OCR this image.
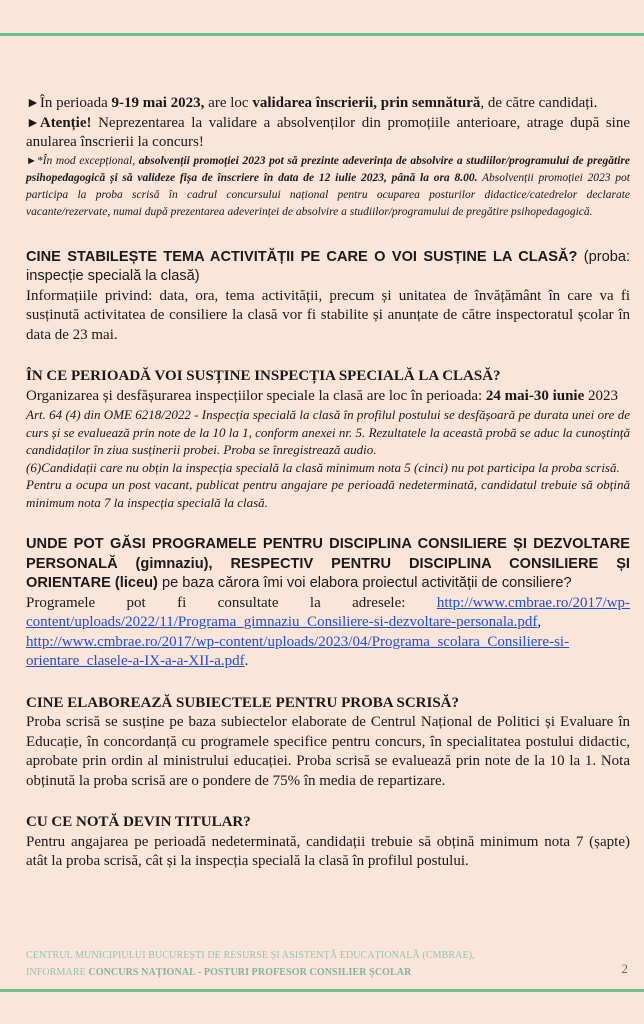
►În perioada 9-19 mai 2023, are loc validarea înscrierii, prin semnătură, de către candidați.

►Atenție! Neprezentarea la validare a absolvenților din promoțiile anterioare, atrage după sine anularea înscrierii la concurs!

►*În mod excepțional, absolvenții promoției 2023 pot să prezinte adeverința de absolvire a studiilor/programului de pregătire psihopedagogică și să valideze fișa de înscriere în data de 12 iulie 2023, până la ora 8.00. Absolvenții promoției 2023 pot participa la proba scrisă în cadrul concursului național pentru ocuparea posturilor didactice/catedrelor declarate vacante/rezervate, numai după prezentarea adeverinței de absolvire a studiilor/programului de pregătire psihopedagogică.

CINE STABILEȘTE TEMA ACTIVITĂȚII PE CARE O VOI SUSȚINE LA CLASĂ? (proba: inspecție specială la clasă)

Informațiile privind: data, ora, tema activității, precum și unitatea de învățământ în care va fi susținută activitatea de consiliere la clasă vor fi stabilite și anunțate de către inspectoratul școlar în data de 23 mai.

ÎN CE PERIOADĂ VOI SUSȚINE INSPECȚIA SPECIALĂ LA CLASĂ?

Organizarea și desfășurarea inspecțiilor speciale la clasă are loc în perioada: 24 mai-30 iunie 2023

Art. 64 (4) din OME 6218/2022 - Inspecția specială la clasă în profilul postului se desfășoară pe durata unei ore de curs și se evaluează prin note de la 10 la 1, conform anexei nr. 5. Rezultatele la această probă se aduc la cunoștință candidaților în ziua susținerii probei. Proba se înregistrează audio.

(6)Candidații care nu obțin la inspecția specială la clasă minimum nota 5 (cinci) nu pot participa la proba scrisă.

Pentru a ocupa un post vacant, publicat pentru angajare pe perioadă nedeterminată, candidatul trebuie să obțină minimum nota 7 la inspecția specială la clasă.

UNDE POT GĂSI PROGRAMELE PENTRU DISCIPLINA CONSILIERE ȘI DEZVOLTARE PERSONALĂ (gimnaziu), RESPECTIV PENTRU DISCIPLINA CONSILIERE ȘI ORIENTARE (liceu) pe baza cărora îmi voi elabora proiectul activității de consiliere?

Programele pot fi consultate la adresele: http://www.cmbrae.ro/2017/wp-content/uploads/2022/11/Programa_gimnaziu_Consiliere-si-dezvoltare-personala.pdf, http://www.cmbrae.ro/2017/wp-content/uploads/2023/04/Programa_scolara_Consiliere-si-orientare_clasele-a-IX-a-a-XII-a.pdf.

CINE ELABOREAZĂ SUBIECTELE PENTRU PROBA SCRISĂ?

Proba scrisă se susține pe baza subiectelor elaborate de Centrul Național de Politici și Evaluare în Educație, în concordanță cu programele specifice pentru concurs, în specialitatea postului didactic, aprobate prin ordin al ministrului educației. Proba scrisă se evaluează prin note de la 10 la 1. Nota obținută la proba scrisă are o pondere de 75% în media de repartizare.

CU CE NOTĂ DEVIN TITULAR?

Pentru angajarea pe perioadă nedeterminată, candidații trebuie să obțină minimum nota 7 (șapte) atât la proba scrisă, cât și la inspecția specială la clasă în profilul postului.

CENTRUL MUNICIPIULUI BUCUREȘTI DE RESURSE ȘI ASISTENȚĂ EDUCAȚIONALĂ (CMBRAE),
INFORMARE CONCURS NAȚIONAL - POSTURI PROFESOR CONSILIER ȘCOLAR	2
